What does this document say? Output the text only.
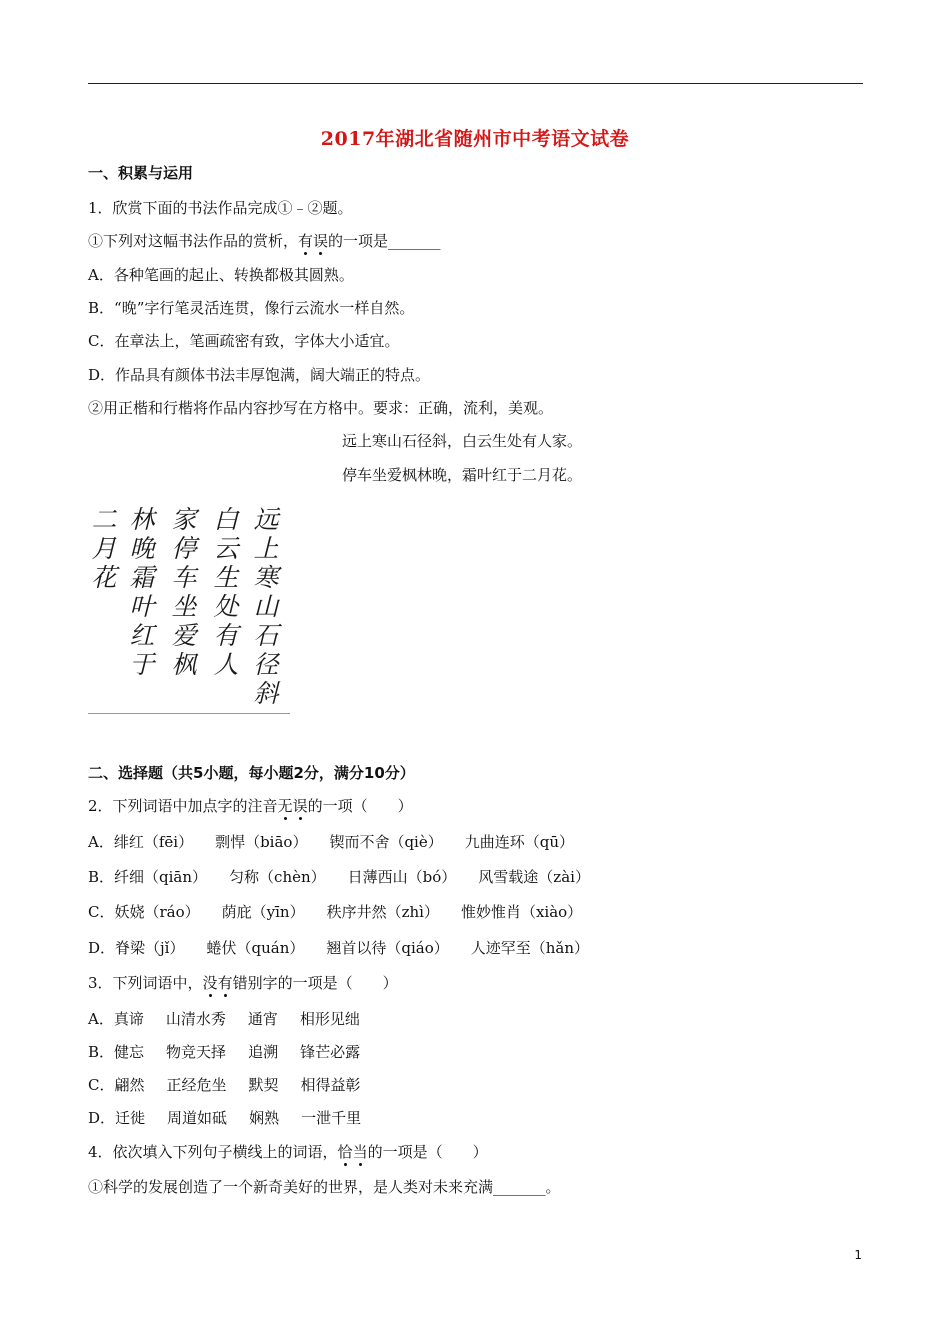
2017年湖北省随州市中考语文试卷
一、积累与运用
1．欣赏下面的书法作品完成①﹣②题。
①下列对这幅书法作品的赏析，有误的一项是_______
A．各种笔画的起止、转换都极其圆熟。
B．“晚”字行笔灵活连贯，像行云流水一样自然。
C．在章法上，笔画疏密有致，字体大小适宜。
D．作品具有颜体书法丰厚饱满，阔大端正的特点。
②用正楷和行楷将作品内容抄写在方格中。要求：正确，流利，美观。
远上寒山石径斜，白云生处有人家。
停车坐爱枫林晚，霜叶红于二月花。
远
上
寒
山
石
径
斜
白
云
生
处
有
人
家
停
车
坐
爱
枫
林
晚
霜
叶
红
于
二
月
花
二、选择题（共5小题，每小题2分，满分10分）
2．下列词语中加点字的注音无误的一项（　　）
A．绯红（fēi） 剽悍（biāo） 锲而不舍（qiè） 九曲连环（qū）
B．纤细（qiān） 匀称（chèn） 日薄西山（bó） 风雪载途（zài）
C．妖娆（ráo） 荫庇（yīn） 秩序井然（zhì） 惟妙惟肖（xiào）
D．脊梁（jǐ） 蜷伏（quán） 翘首以待（qiáo） 人迹罕至（hǎn）
3．下列词语中，没有错别字的一项是（　　）
A．真谛 山清水秀 通宵 相形见绌
B．健忘 物竞天择 追溯 锋芒必露
C．翩然 正经危坐 默契 相得益彰
D．迁徙 周道如砥 娴熟 一泄千里
4．依次填入下列句子横线上的词语，恰当的一项是（　　）
①科学的发展创造了一个新奇美好的世界，是人类对未来充满_______。
1
